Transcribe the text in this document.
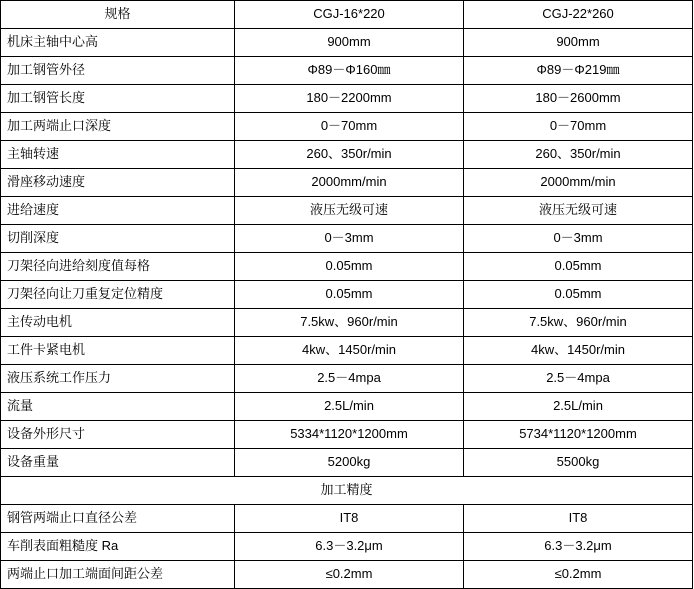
规格	CGJ-16*220	CGJ-22*260
机床主轴中心高	900mm	900mm
加工钢管外径	Φ89－Φ160㎜	Φ89－Φ219㎜
加工钢管长度	180－2200mm	180－2600mm
加工两端止口深度	0－70mm	0－70mm
主轴转速	260、350r/min	260、350r/min
滑座移动速度	2000mm/min	2000mm/min
进给速度	液压无级可速	液压无级可速
切削深度	0－3mm	0－3mm
刀架径向进给刻度值每格	0.05mm	0.05mm
刀架径向让刀重复定位精度	0.05mm	0.05mm
主传动电机	7.5kw、960r/min	7.5kw、960r/min
工件卡紧电机	4kw、1450r/min	4kw、1450r/min
液压系统工作压力	2.5－4mpa	2.5－4mpa
流量	2.5L/min	2.5L/min
设备外形尺寸	5334*1120*1200mm	5734*1120*1200mm
设备重量	5200kg	5500kg
加工精度		
钢管两端止口直径公差	IT8	IT8
车削表面粗糙度 Ra	6.3－3.2μm	6.3－3.2μm
两端止口加工端面间距公差	≤0.2mm	≤0.2mm
